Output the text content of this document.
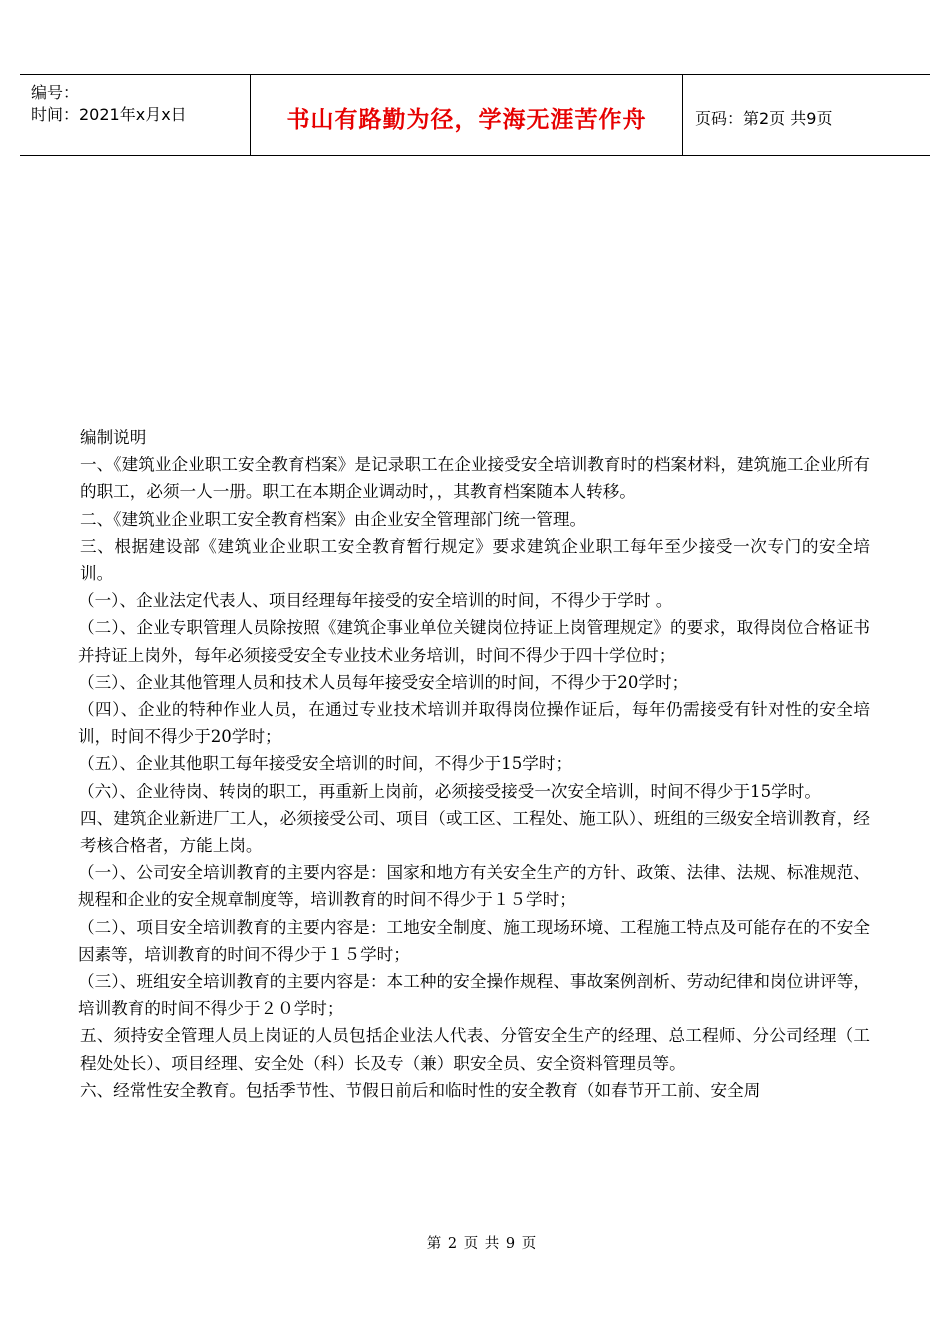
编号：
时间：2021年x月x日	书山有路勤为径，学海无涯苦作舟	页码：第2页 共9页

编制说明

一、《建筑业企业职工安全教育档案》是记录职工在企业接受安全培训教育时的档案材料，建筑施工企业所有的职工，必须一人一册。职工在本期企业调动时，，其教育档案随本人转移。

二、《建筑业企业职工安全教育档案》由企业安全管理部门统一管理。

三、根据建设部《建筑业企业职工安全教育暂行规定》要求建筑企业职工每年至少接受一次专门的安全培训。

（一）、企业法定代表人、项目经理每年接受的安全培训的时间，不得少于学时 。

（二）、企业专职管理人员除按照《建筑企事业单位关键岗位持证上岗管理规定》的要求，取得岗位合格证书并持证上岗外，每年必须接受安全专业技术业务培训，时间不得少于四十学位时；

（三）、企业其他管理人员和技术人员每年接受安全培训的时间，不得少于20学时；

（四）、企业的特种作业人员，在通过专业技术培训并取得岗位操作证后，每年仍需接受有针对性的安全培训，时间不得少于20学时；

（五）、企业其他职工每年接受安全培训的时间，不得少于15学时；

（六）、企业待岗、转岗的职工，再重新上岗前，必须接受接受一次安全培训，时间不得少于15学时。

四、建筑企业新进厂工人，必须接受公司、项目（或工区、工程处、施工队）、班组的三级安全培训教育，经考核合格者，方能上岗。

（一）、公司安全培训教育的主要内容是：国家和地方有关安全生产的方针、政策、法律、法规、标准规范、规程和企业的安全规章制度等，培训教育的时间不得少于１５学时；

（二）、项目安全培训教育的主要内容是：工地安全制度、施工现场环境、工程施工特点及可能存在的不安全因素等，培训教育的时间不得少于１５学时；

（三）、班组安全培训教育的主要内容是：本工种的安全操作规程、事故案例剖析、劳动纪律和岗位讲评等，培训教育的时间不得少于２０学时；

五、须持安全管理人员上岗证的人员包括企业法人代表、分管安全生产的经理、总工程师、分公司经理（工程处处长）、项目经理、安全处（科）长及专（兼）职安全员、安全资料管理员等。

六、经常性安全教育。包括季节性、节假日前后和临时性的安全教育（如春节开工前、安全周

第 2 页 共 9 页
